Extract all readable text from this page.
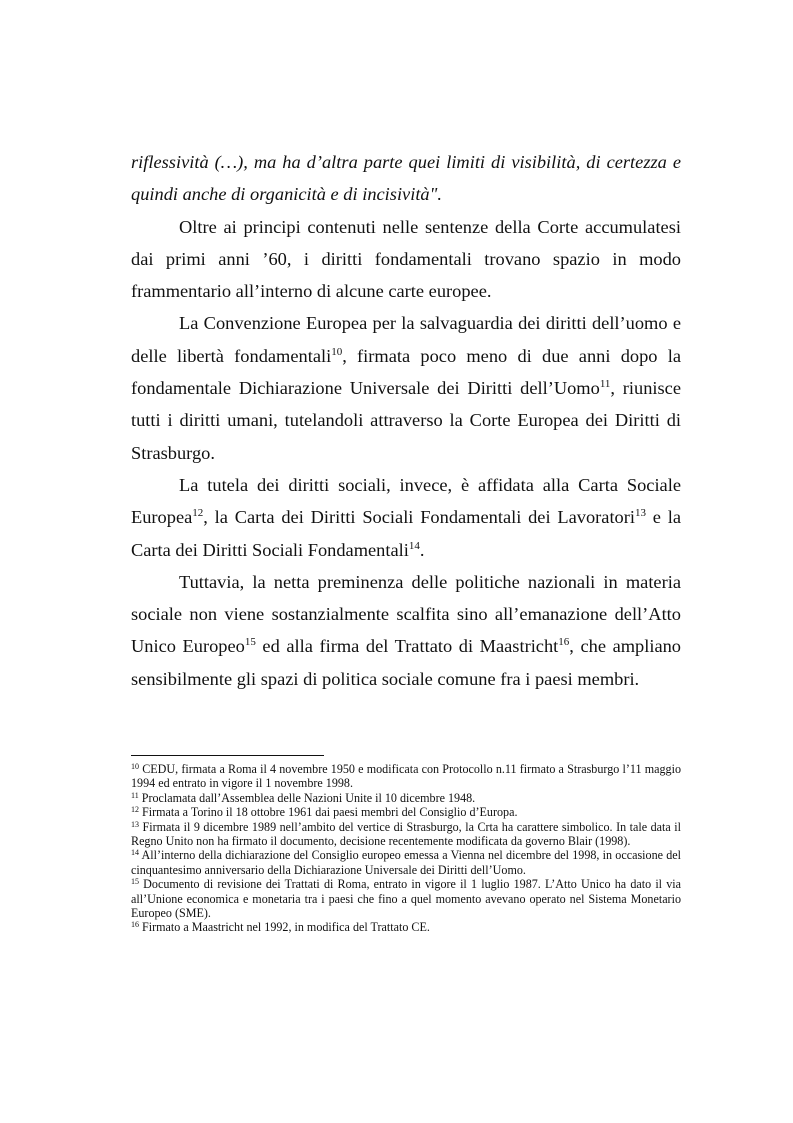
riflessività (…), ma ha d’altra parte quei limiti di visibilità, di certezza e quindi anche di organicità e di incisività".

Oltre ai principi contenuti nelle sentenze della Corte accumulatesi dai primi anni ’60, i diritti fondamentali trovano spazio in modo frammentario all’interno di alcune carte europee.

La Convenzione Europea per la salvaguardia dei diritti dell’uomo e delle libertà fondamentali$^{10}$, firmata poco meno di due anni dopo la fondamentale Dichiarazione Universale dei Diritti dell’Uomo$^{11}$, riunisce tutti i diritti umani, tutelandoli attraverso la Corte Europea dei Diritti di Strasburgo.

La tutela dei diritti sociali, invece, è affidata alla Carta Sociale Europea$^{12}$, la Carta dei Diritti Sociali Fondamentali dei Lavoratori$^{13}$ e la Carta dei Diritti Sociali Fondamentali$^{14}$.

Tuttavia, la netta preminenza delle politiche nazionali in materia sociale non viene sostanzialmente scalfita sino all’emanazione dell’Atto Unico Europeo$^{15}$ ed alla firma del Trattato di Maastricht$^{16}$, che ampliano sensibilmente gli spazi di politica sociale comune fra i paesi membri.

$^{10}$ CEDU, firmata a Roma il 4 novembre 1950 e modificata con Protocollo n.11 firmato a Strasburgo l’11 maggio 1994 ed entrato in vigore il 1 novembre 1998.

$^{11}$ Proclamata dall’Assemblea delle Nazioni Unite il 10 dicembre 1948.

$^{12}$ Firmata a Torino il 18 ottobre 1961 dai paesi membri del Consiglio d’Europa.

$^{13}$ Firmata il 9 dicembre 1989 nell’ambito del vertice di Strasburgo, la Crta ha carattere simbolico. In tale data il Regno Unito non ha firmato il documento, decisione recentemente modificata da governo Blair (1998).

$^{14}$ All’interno della dichiarazione del Consiglio europeo emessa a Vienna nel dicembre del 1998, in occasione del cinquantesimo anniversario della Dichiarazione Universale dei Diritti dell’Uomo.

$^{15}$ Documento di revisione dei Trattati di Roma, entrato in vigore il 1 luglio 1987. L’Atto Unico ha dato il via all’Unione economica e monetaria tra i paesi che fino a quel momento avevano operato nel Sistema Monetario Europeo (SME).

$^{16}$ Firmato a Maastricht nel 1992, in modifica del Trattato CE.
